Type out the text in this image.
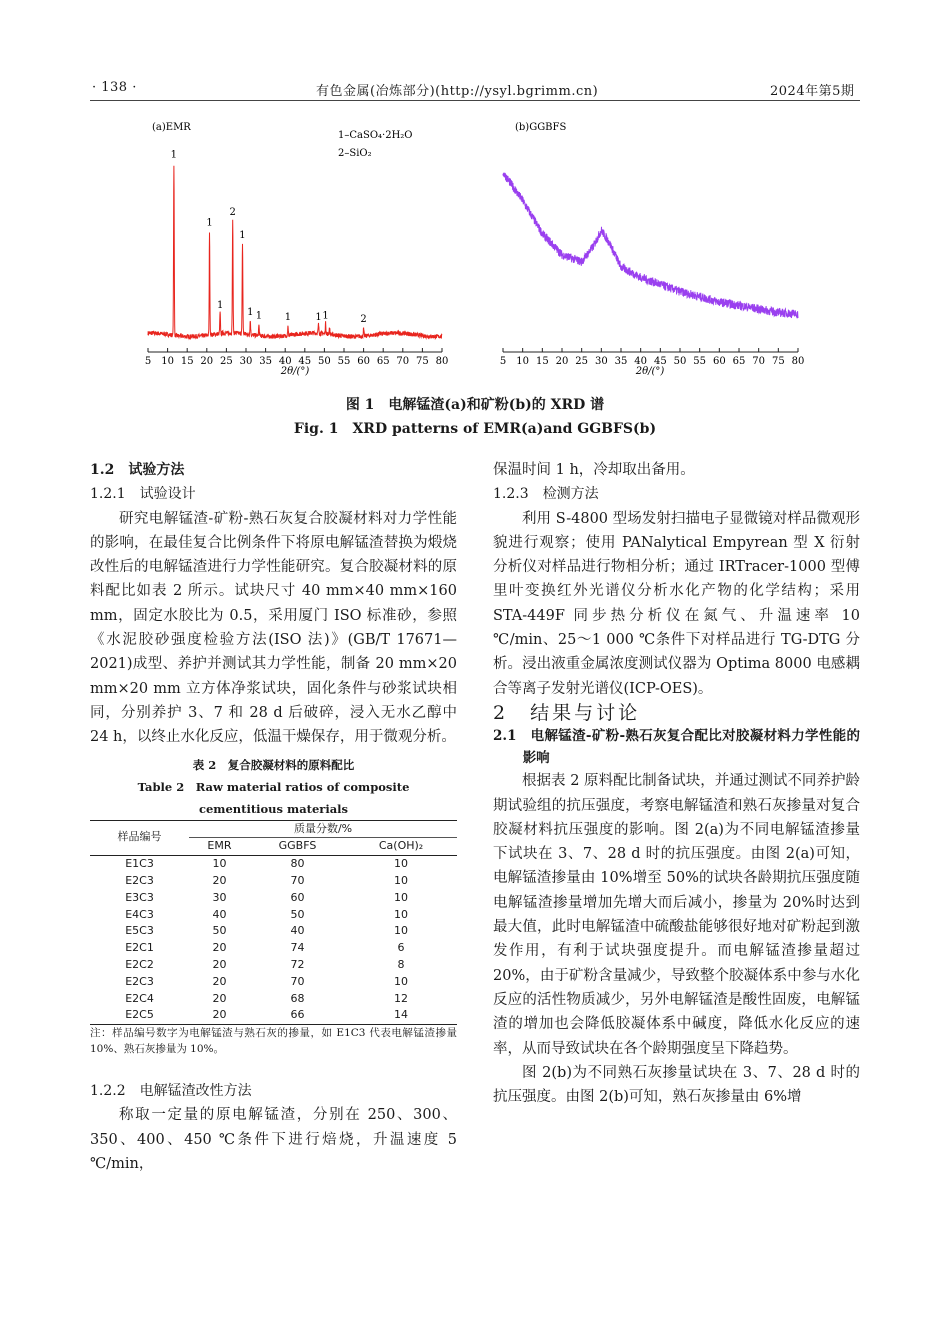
· 138 ·	有色金属(冶炼部分)(http://ysyl.bgrimm.cn)	2024年第5期
(a)EMR
1–CaSO₄·2H₂O
2–SiO₂
(b)GGBFS
5 10 15 20 25 30 35 40 45 50 55 60 65 70 75 80	5 10 15 20 25 30 35 40 45 50 55 60 65 70 75 80
1
1
1
2
1
1 1 1 1 1	2
2θ/(°)	2θ/(°)
图 1　电解锰渣(a)和矿粉(b)的 XRD 谱
Fig. 1　XRD patterns of EMR(a)and GGBFS(b)

1.2　试验方法

1.2.1　试验设计

研究电解锰渣-矿粉-熟石灰复合胶凝材料对力学性能的影响，在最佳复合比例条件下将原电解锰渣替换为煅烧改性后的电解锰渣进行力学性能研究。复合胶凝材料的原料配比如表 2 所示。试块尺寸 40 mm×40 mm×160 mm，固定水胶比为 0.5，采用厦门 ISO 标准砂，参照《水泥胶砂强度检验方法(ISO 法)》(GB/T 17671—2021)成型、养护并测试其力学性能，制备 20 mm×20 mm×20 mm 立方体净浆试块，固化条件与砂浆试块相同，分别养护 3、7 和 28 d 后破碎，浸入无水乙醇中 24 h，以终止水化反应，低温干燥保存，用于微观分析。

表 2　复合胶凝材料的原料配比
Table 2　Raw material ratios of composite
cementitious materials
样品编号	质量分数/%		
	EMR	GGBFS	Ca(OH)₂
E1C3	10	80	10
E2C3	20	70	10
E3C3	30	60	10
E4C3	40	50	10
E5C3	50	40	10
E2C1	20	74	6
E2C2	20	72	8
E2C3	20	70	10
E2C4	20	68	12
E2C5	20	66	14

注：样品编号数字为电解锰渣与熟石灰的掺量，如 E1C3 代表电解锰渣掺量 10%、熟石灰掺量为 10%。

1.2.2　电解锰渣改性方法

称取一定量的原电解锰渣，分别在 250、300、350、400、450 ℃条件下进行焙烧，升温速度 5 ℃/min，

保温时间 1 h，冷却取出备用。

1.2.3　检测方法

利用 S-4800 型场发射扫描电子显微镜对样品微观形貌进行观察；使用 PANalytical Empyrean 型 X 衍射分析仪对样品进行物相分析；通过 IRTracer-1000 型傅里叶变换红外光谱仪分析水化产物的化学结构；采用 STA-449F 同步热分析仪在氮气、升温速率 10 ℃/min、25～1 000 ℃条件下对样品进行 TG-DTG 分析。浸出液重金属浓度测试仪器为 Optima 8000 电感耦合等离子发射光谱仪(ICP-OES)。

2　结果与讨论

2.1　电解锰渣-矿粉-熟石灰复合配比对胶凝材料力学性能的影响

根据表 2 原料配比制备试块，并通过测试不同养护龄期试验组的抗压强度，考察电解锰渣和熟石灰掺量对复合胶凝材料抗压强度的影响。图 2(a)为不同电解锰渣掺量下试块在 3、7、28 d 时的抗压强度。由图 2(a)可知，电解锰渣掺量由 10%增至 50%的试块各龄期抗压强度随电解锰渣掺量增加先增大而后减小，掺量为 20%时达到最大值，此时电解锰渣中硫酸盐能够很好地对矿粉起到激发作用，有利于试块强度提升。而电解锰渣掺量超过 20%，由于矿粉含量减少，导致整个胶凝体系中参与水化反应的活性物质减少，另外电解锰渣是酸性固废，电解锰渣的增加也会降低胶凝体系中碱度，降低水化反应的速率，从而导致试块在各个龄期强度呈下降趋势。

图 2(b)为不同熟石灰掺量试块在 3、7、28 d 时的抗压强度。由图 2(b)可知，熟石灰掺量由 6%增
